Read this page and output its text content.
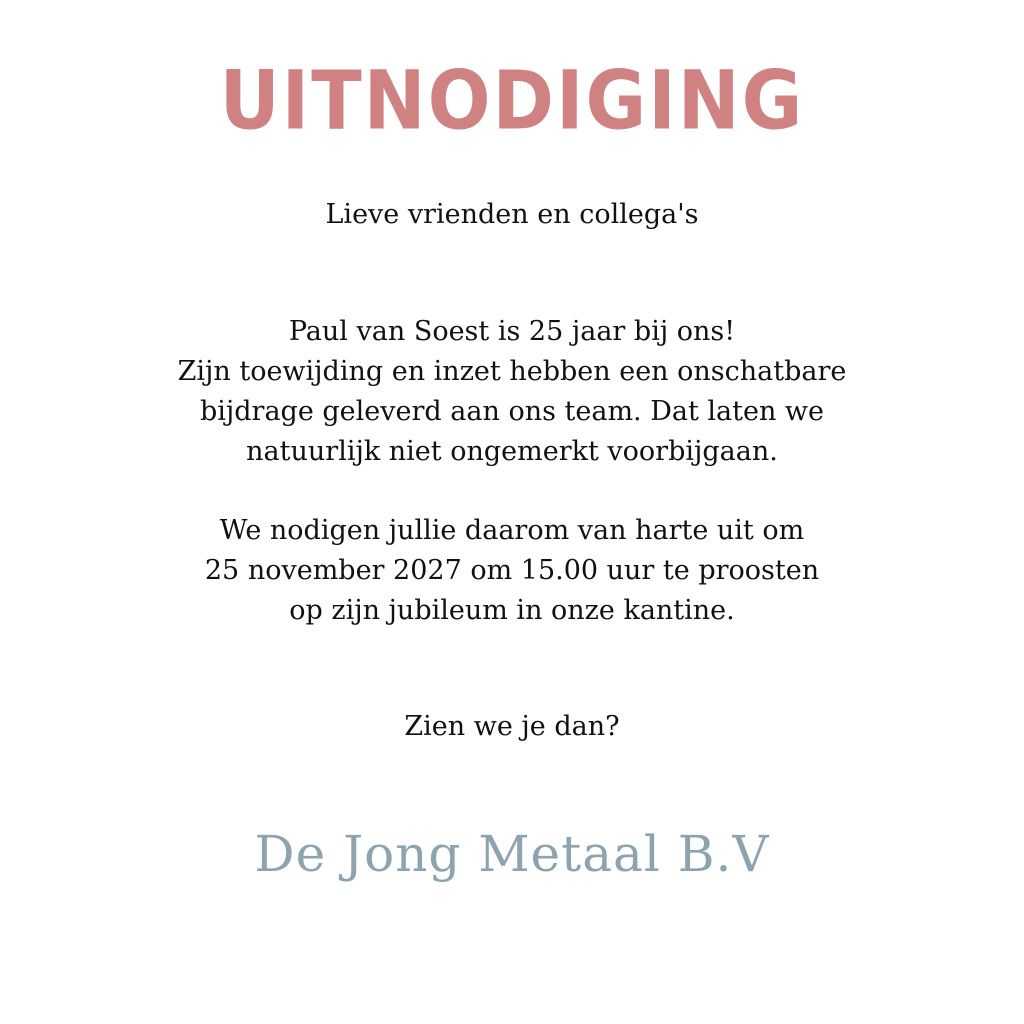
UITNODIGING
Lieve vrienden en collega's
Paul van Soest is 25 jaar bij ons!
Zijn toewijding en inzet hebben een onschatbare
bijdrage geleverd aan ons team. Dat laten we
natuurlijk niet ongemerkt voorbijgaan.
We nodigen jullie daarom van harte uit om
25 november 2027 om 15.00 uur te proosten
op zijn jubileum in onze kantine.
Zien we je dan?
De Jong Metaal B.V
